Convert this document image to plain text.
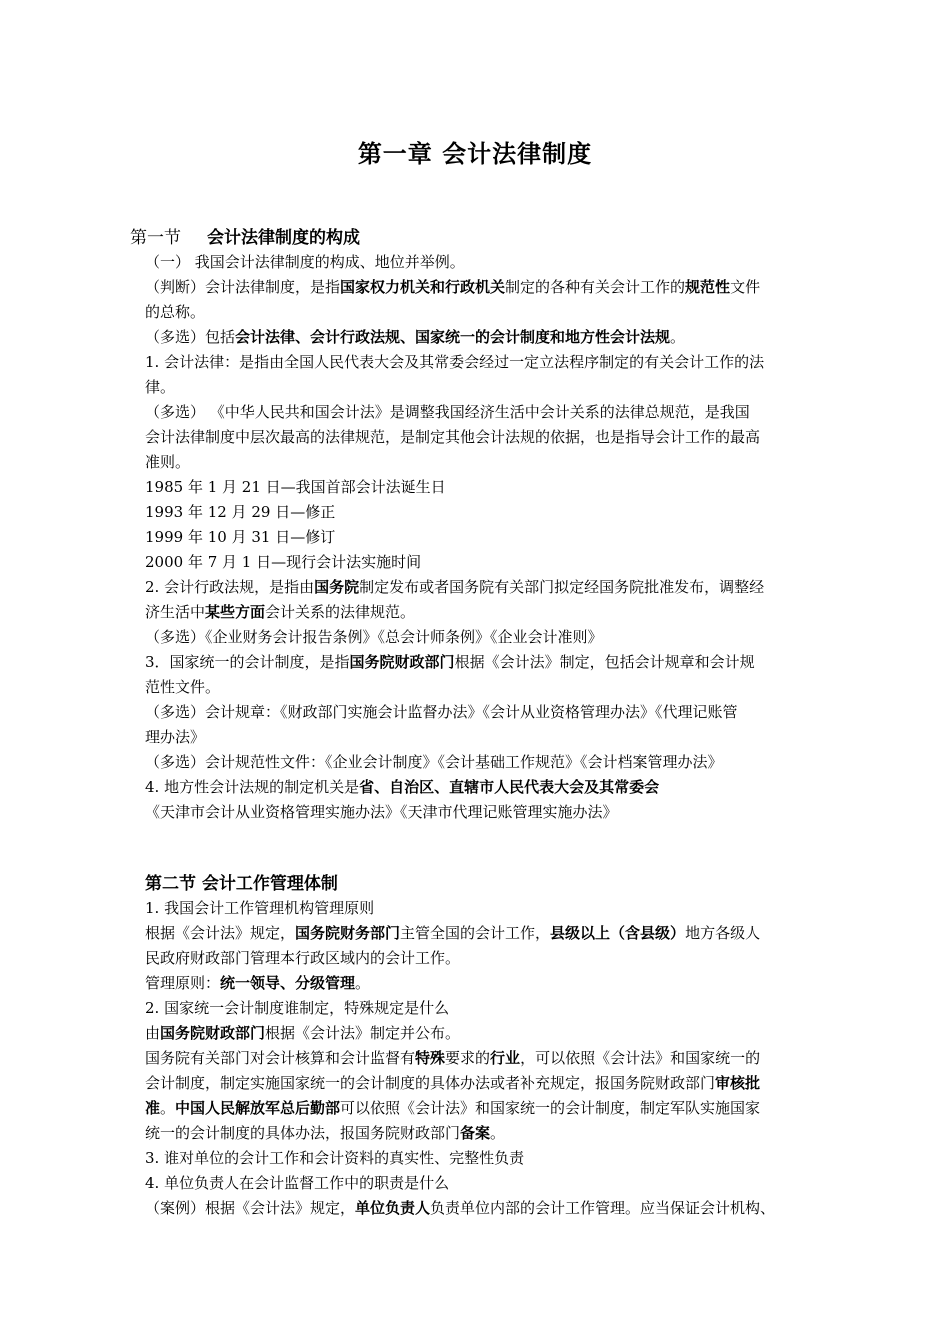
第一章 会计法律制度
第一节 会计法律制度的构成
（一） 我国会计法律制度的构成、地位并举例。
（判断）会计法律制度，是指国家权力机关和行政机关制定的各种有关会计工作的规范性文件
的总称。
（多选）包括会计法律、会计行政法规、国家统一的会计制度和地方性会计法规。
1. 会计法律：是指由全国人民代表大会及其常委会经过一定立法程序制定的有关会计工作的法
律。
（多选） 《中华人民共和国会计法》是调整我国经济生活中会计关系的法律总规范，是我国
会计法律制度中层次最高的法律规范，是制定其他会计法规的依据，也是指导会计工作的最高
准则。
1985 年 1 月 21 日—我国首部会计法诞生日
1993 年 12 月 29 日—修正
1999 年 10 月 31 日—修订
2000 年 7 月 1 日—现行会计法实施时间
2. 会计行政法规，是指由国务院制定发布或者国务院有关部门拟定经国务院批准发布，调整经
济生活中某些方面会计关系的法律规范。
（多选）《企业财务会计报告条例》《总会计师条例》《企业会计准则》
3．国家统一的会计制度，是指国务院财政部门根据《会计法》制定，包括会计规章和会计规
范性文件。
（多选）会计规章：《财政部门实施会计监督办法》《会计从业资格管理办法》《代理记账管
理办法》
（多选）会计规范性文件：《企业会计制度》《会计基础工作规范》《会计档案管理办法》
4. 地方性会计法规的制定机关是省、自治区、直辖市人民代表大会及其常委会
《天津市会计从业资格管理实施办法》《天津市代理记账管理实施办法》
第二节 会计工作管理体制
1. 我国会计工作管理机构管理原则
根据《会计法》规定，国务院财务部门主管全国的会计工作，县级以上（含县级）地方各级人
民政府财政部门管理本行政区域内的会计工作。
管理原则：统一领导、分级管理。
2. 国家统一会计制度谁制定，特殊规定是什么
由国务院财政部门根据《会计法》制定并公布。
国务院有关部门对会计核算和会计监督有特殊要求的行业，可以依照《会计法》和国家统一的
会计制度，制定实施国家统一的会计制度的具体办法或者补充规定，报国务院财政部门审核批
准。中国人民解放军总后勤部可以依照《会计法》和国家统一的会计制度，制定军队实施国家
统一的会计制度的具体办法，报国务院财政部门备案。
3. 谁对单位的会计工作和会计资料的真实性、完整性负责
4. 单位负责人在会计监督工作中的职责是什么
（案例）根据《会计法》规定，单位负责人负责单位内部的会计工作管理。应当保证会计机构、
